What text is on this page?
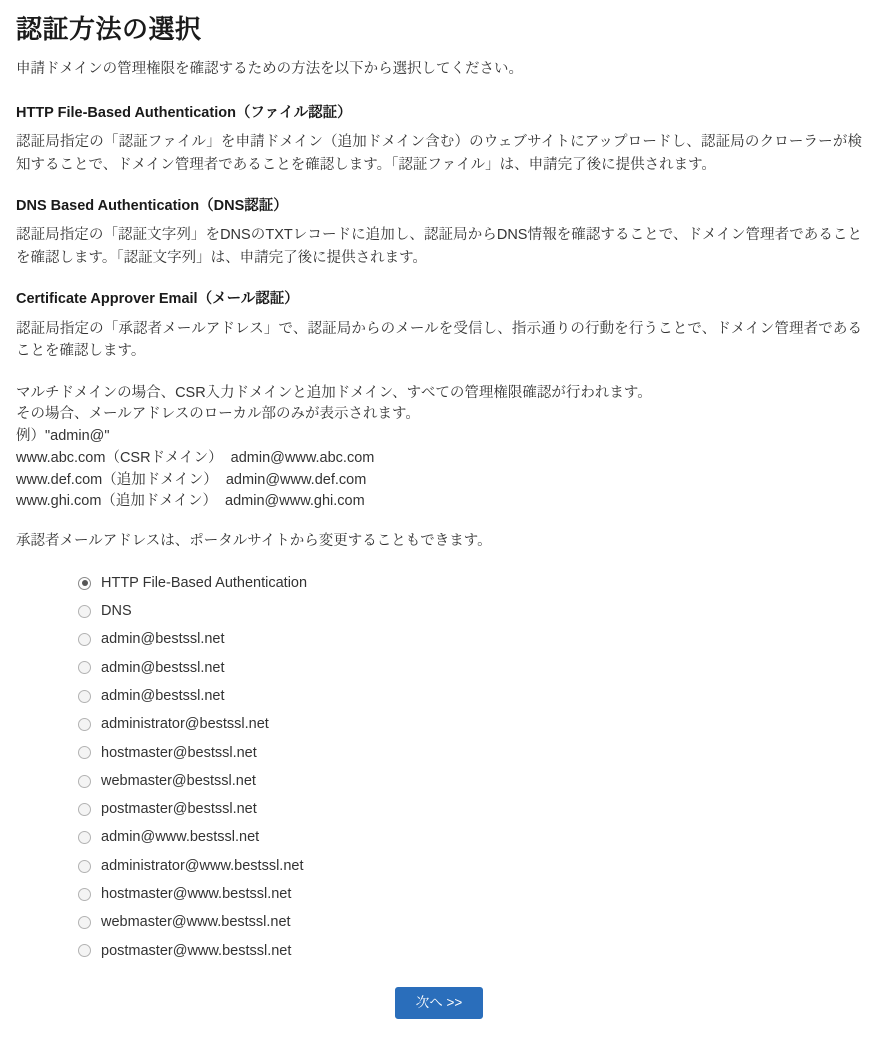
認証方法の選択

申請ドメインの管理権限を確認するための方法を以下から選択してください。

HTTP File-Based Authentication（ファイル認証）

認証局指定の「認証ファイル」を申請ドメイン（追加ドメイン含む）のウェブサイトにアップロードし、認証局のクローラーが検知することで、ドメイン管理者であることを確認します。「認証ファイル」は、申請完了後に提供されます。

DNS Based Authentication（DNS認証）

認証局指定の「認証文字列」をDNSのTXTレコードに追加し、認証局からDNS情報を確認することで、ドメイン管理者であることを確認します。「認証文字列」は、申請完了後に提供されます。

Certificate Approver Email（メール認証）

認証局指定の「承認者メールアドレス」で、認証局からのメールを受信し、指示通りの行動を行うことで、ドメイン管理者であることを確認します。

マルチドメインの場合、CSR入力ドメインと追加ドメイン、すべての管理権限確認が行われます。
その場合、メールアドレスのローカル部のみが表示されます。
例）"admin@"
www.abc.com（CSRドメイン）  admin@www.abc.com
www.def.com（追加ドメイン）  admin@www.def.com
www.ghi.com（追加ドメイン）  admin@www.ghi.com
承認者メールアドレスは、ポータルサイトから変更することもできます。
HTTP File-Based Authentication
DNS
admin@bestssl.net
admin@bestssl.net
admin@bestssl.net
administrator@bestssl.net
hostmaster@bestssl.net
webmaster@bestssl.net
postmaster@bestssl.net
admin@www.bestssl.net
administrator@www.bestssl.net
hostmaster@www.bestssl.net
webmaster@www.bestssl.net
postmaster@www.bestssl.net
次へ >>
